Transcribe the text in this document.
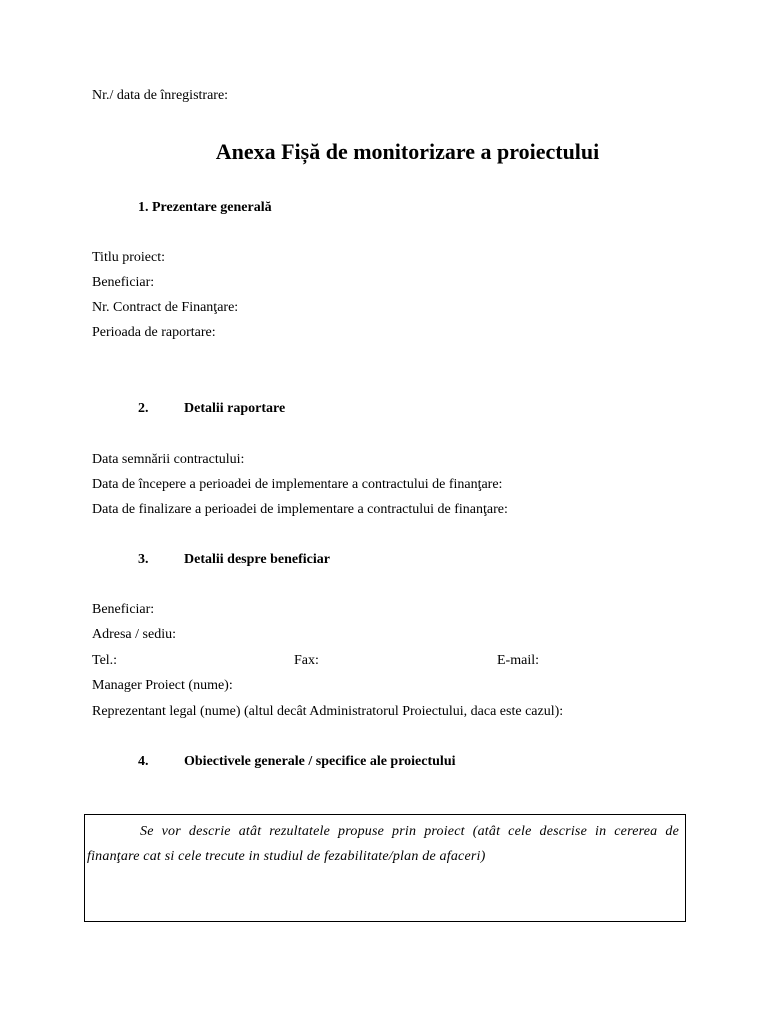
Nr./ data de înregistrare:
Anexa Fișă de monitorizare a proiectului
1. Prezentare generală
Titlu proiect:
Beneficiar:
Nr. Contract de Finanţare:
Perioada de raportare:
2.	Detalii raportare
Data semnării contractului:
Data de începere a perioadei de implementare a contractului de finanţare:
Data de finalizare a perioadei de implementare a contractului de finanţare:
3.	Detalii despre beneficiar
Beneficiar:
Adresa / sediu:
Tel.:	Fax:	E-mail:
Manager Proiect (nume):
Reprezentant legal (nume) (altul decât Administratorul Proiectului, daca este cazul):
4.	Obiectivele generale / specifice ale proiectului
Se vor descrie atât rezultatele propuse prin proiect (atât cele descrise in cererea de finanţare cat si cele trecute in studiul de fezabilitate/plan de afaceri)
